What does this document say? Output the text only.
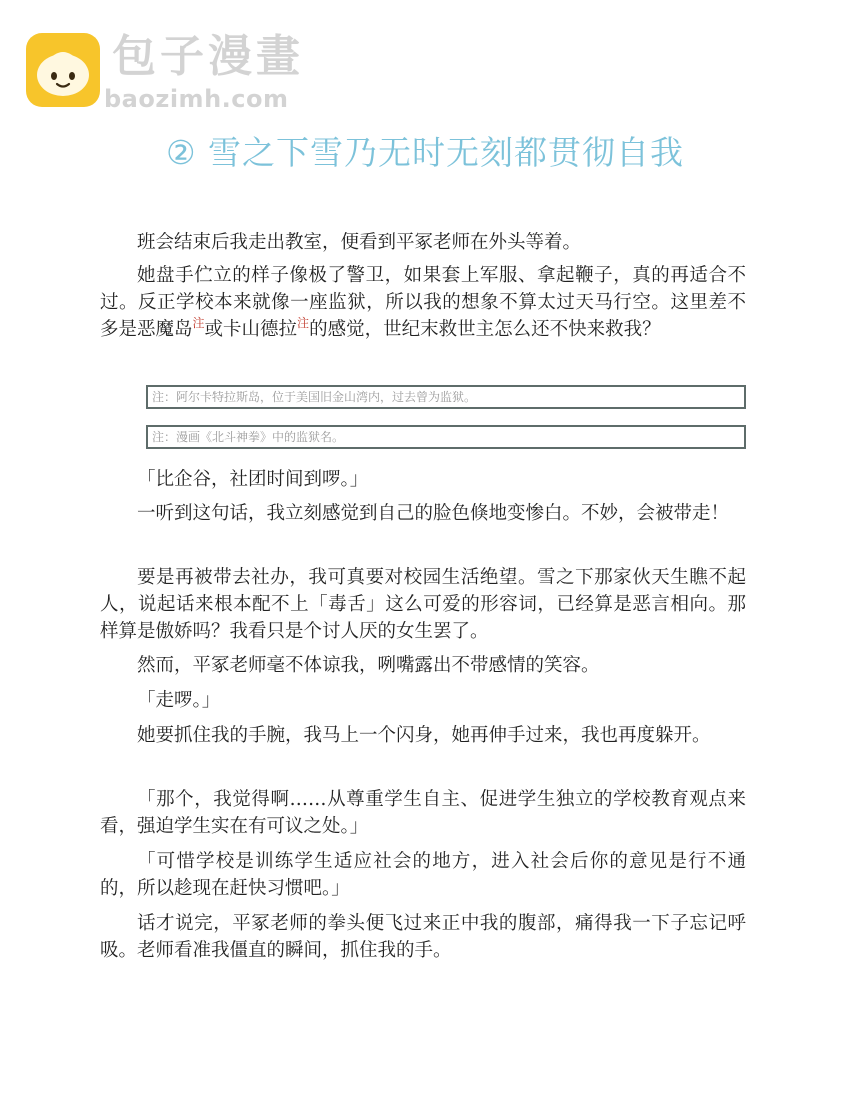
包子漫畫
baozimh.com
② 雪之下雪乃无时无刻都贯彻自我

班会结束后我走出教室，便看到平冢老师在外头等着。

她盘手伫立的样子像极了警卫，如果套上军服、拿起鞭子，真的再适合不过。反正学校本来就像一座监狱，所以我的想象不算太过天马行空。这里差不多是恶魔岛$^注$或卡山德拉$^注$的感觉，世纪末救世主怎么还不快来救我？

注：阿尔卡特拉斯岛，位于美国旧金山湾内，过去曾为监狱。
注：漫画《北斗神拳》中的监狱名。

「比企谷，社团时间到啰。」

一听到这句话，我立刻感觉到自己的脸色倏地变惨白。不妙，会被带走！

要是再被带去社办，我可真要对校园生活绝望。雪之下那家伙天生瞧不起人，说起话来根本配不上「毒舌」这么可爱的形容词，已经算是恶言相向。那样算是傲娇吗？我看只是个讨人厌的女生罢了。

然而，平冢老师毫不体谅我，咧嘴露出不带感情的笑容。

「走啰。」

她要抓住我的手腕，我马上一个闪身，她再伸手过来，我也再度躲开。

「那个，我觉得啊……从尊重学生自主、促进学生独立的学校教育观点来看，强迫学生实在有可议之处。」

「可惜学校是训练学生适应社会的地方，进入社会后你的意见是行不通的，所以趁现在赶快习惯吧。」

话才说完，平冢老师的拳头便飞过来正中我的腹部，痛得我一下子忘记呼吸。老师看准我僵直的瞬间，抓住我的手。
